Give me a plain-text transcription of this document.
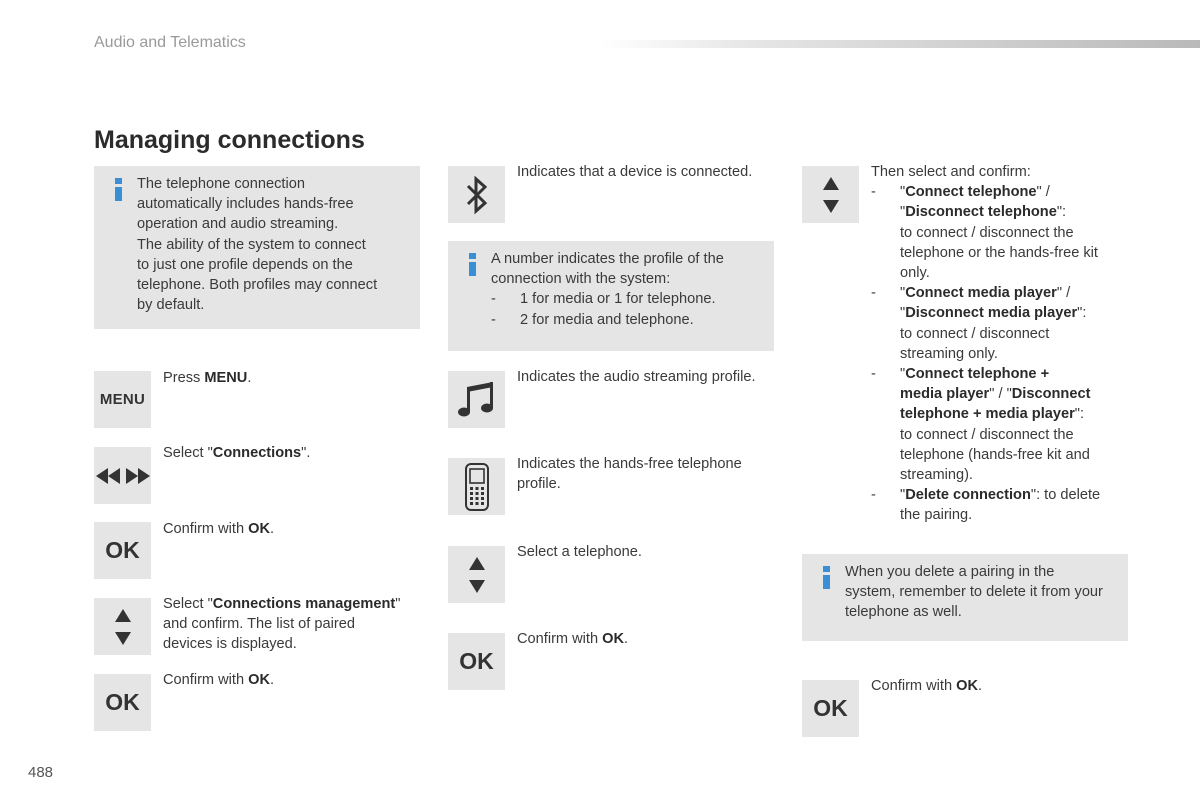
Audio and Telematics
Managing connections
The telephone connection
automatically includes hands-free
operation and audio streaming.
The ability of the system to connect
to just one profile depends on the
telephone. Both profiles may connect
by default.
MENU
Press MENU.
Select "Connections".
OK
Confirm with OK.
Select "Connections management"
and confirm. The list of paired
devices is displayed.
OK
Confirm with OK.
Indicates that a device is connected.
A number indicates the profile of the
connection with the system:
- 1 for media or 1 for telephone.
- 2 for media and telephone.
Indicates the audio streaming profile.
Indicates the hands-free telephone
profile.
Select a telephone.
OK
Confirm with OK.
Then select and confirm:
- "Connect telephone" /
"Disconnect telephone":
to connect / disconnect the
telephone or the hands-free kit
only.
- "Connect media player" /
"Disconnect media player":
to connect / disconnect
streaming only.
- "Connect telephone +
media player" / "Disconnect
telephone + media player":
to connect / disconnect the
telephone (hands-free kit and
streaming).
- "Delete connection": to delete
the pairing.
When you delete a pairing in the
system, remember to delete it from your
telephone as well.
OK
Confirm with OK.
488
